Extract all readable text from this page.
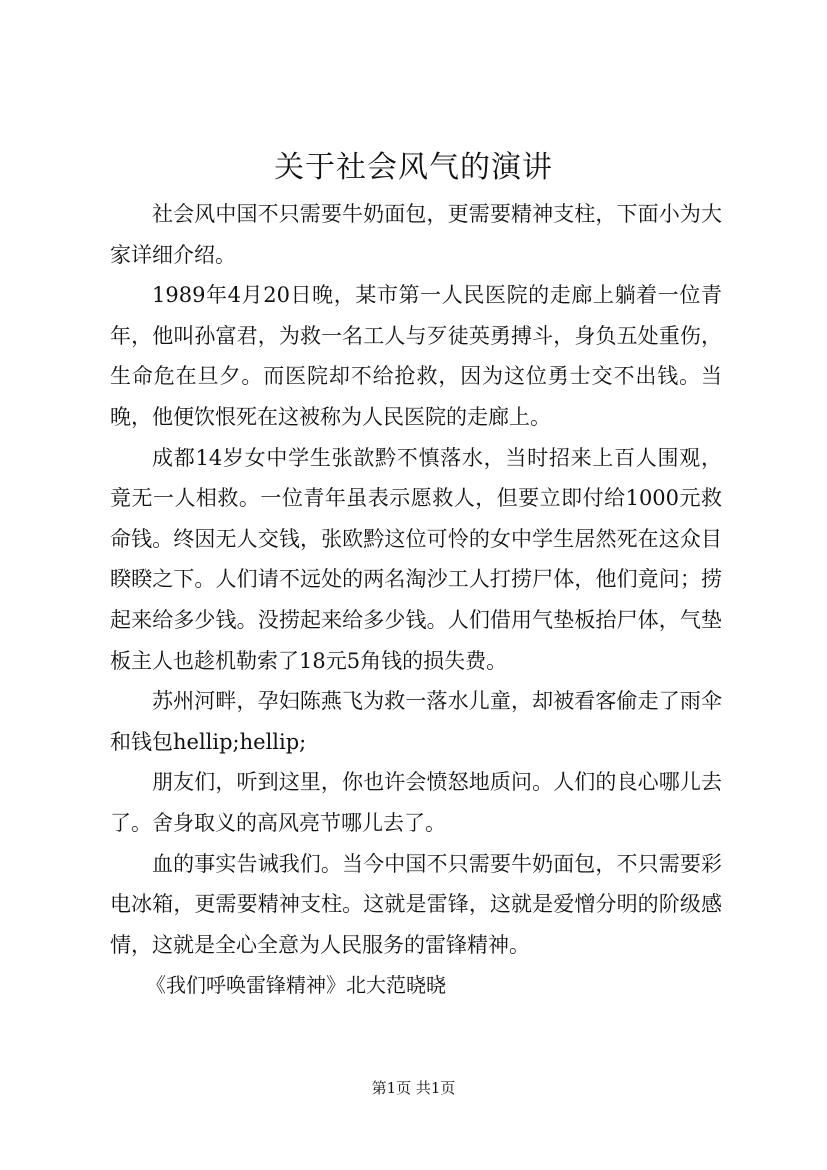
关于社会风气的演讲

社会风中国不只需要牛奶面包，更需要精神支柱，下面小为大家详细介绍。

1989年4月20日晚，某市第一人民医院的走廊上躺着一位青年，他叫孙富君，为救一名工人与歹徒英勇搏斗，身负五处重伤，生命危在旦夕。而医院却不给抢救，因为这位勇士交不出钱。当晚，他便饮恨死在这被称为人民医院的走廊上。

成都14岁女中学生张歆黔不慎落水，当时招来上百人围观，竟无一人相救。一位青年虽表示愿救人，但要立即付给1000元救命钱。终因无人交钱，张欧黔这位可怜的女中学生居然死在这众目睽睽之下。人们请不远处的两名淘沙工人打捞尸体，他们竟问；捞起来给多少钱。没捞起来给多少钱。人们借用气垫板抬尸体，气垫板主人也趁机勒索了18元5角钱的损失费。

苏州河畔，孕妇陈燕飞为救一落水儿童，却被看客偷走了雨伞和钱包hellip;hellip;

朋友们，听到这里，你也许会愤怒地质问。人们的良心哪儿去了。舍身取义的高风亮节哪儿去了。

血的事实告诫我们。当今中国不只需要牛奶面包，不只需要彩电冰箱，更需要精神支柱。这就是雷锋，这就是爱憎分明的阶级感情，这就是全心全意为人民服务的雷锋精神。

《我们呼唤雷锋精神》北大范晓晓

第1页 共1页
